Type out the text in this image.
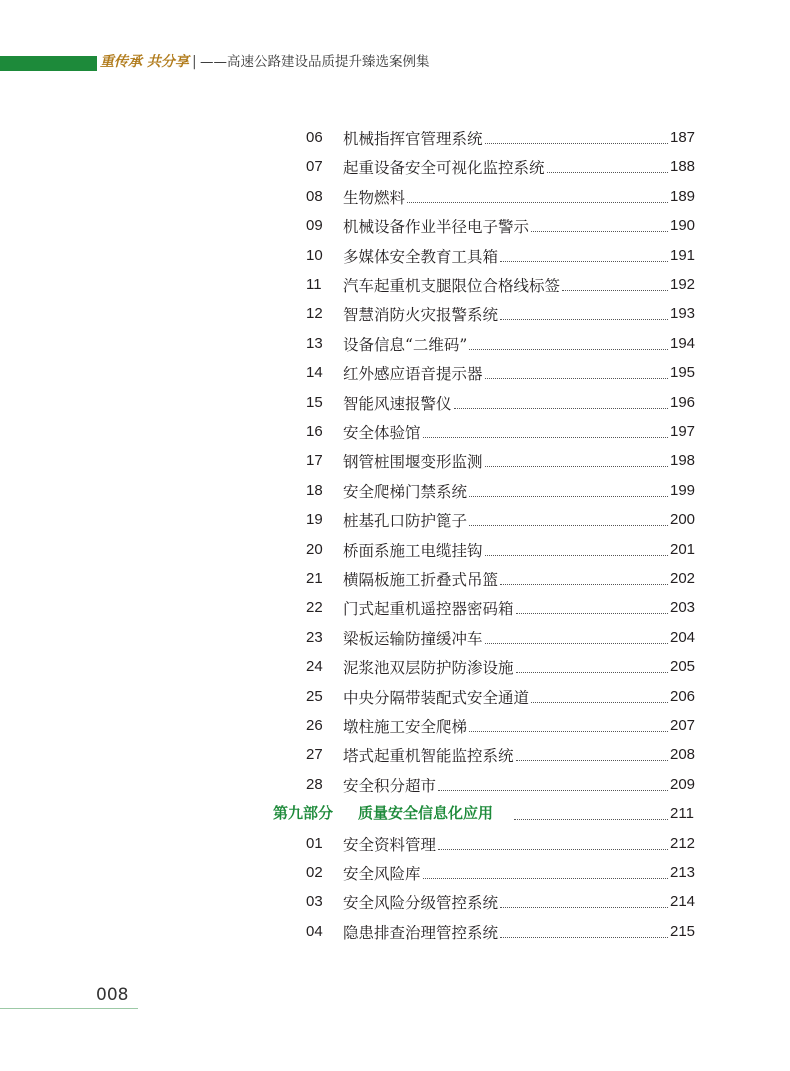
重传承 共分享 | ——高速公路建设品质提升臻选案例集
06	机械指挥官管理系统	187
07	起重设备安全可视化监控系统	188
08	生物燃料	189
09	机械设备作业半径电子警示	190
10	多媒体安全教育工具箱	191
11	汽车起重机支腿限位合格线标签	192
12	智慧消防火灾报警系统	193
13	设备信息“二维码”	194
14	红外感应语音提示器	195
15	智能风速报警仪	196
16	安全体验馆	197
17	钢管桩围堰变形监测	198
18	安全爬梯门禁系统	199
19	桩基孔口防护篦子	200
20	桥面系施工电缆挂钩	201
21	横隔板施工折叠式吊篮	202
22	门式起重机遥控器密码箱	203
23	梁板运输防撞缓冲车	204
24	泥浆池双层防护防渗设施	205
25	中央分隔带装配式安全通道	206
26	墩柱施工安全爬梯	207
27	塔式起重机智能监控系统	208
28	安全积分超市	209
第九部分 质量安全信息化应用	211
01	安全资料管理	212
02	安全风险库	213
03	安全风险分级管控系统	214
04	隐患排查治理管控系统	215
008
